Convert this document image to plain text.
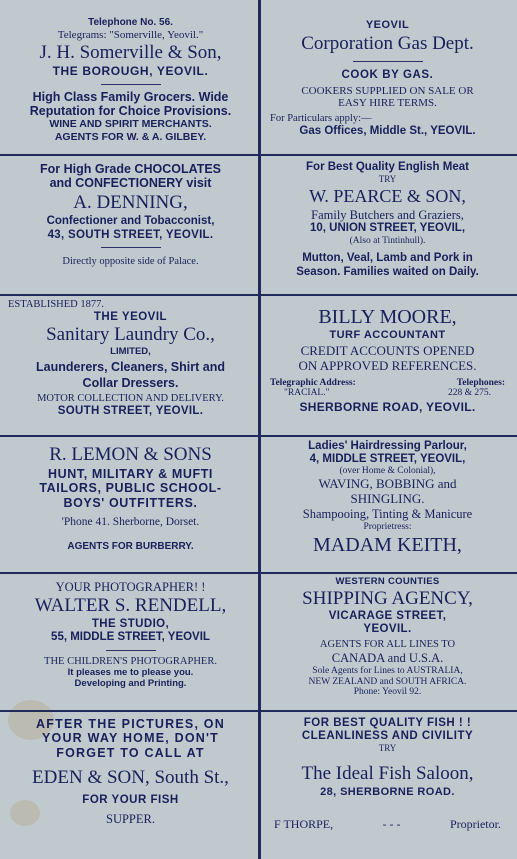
Telephone No. 56.
Telegrams: "Somerville, Yeovil."
J. H. Somerville & Son,
THE BOROUGH, YEOVIL.
High Class Family Grocers. Wide
Reputation for Choice Provisions.
WINE AND SPIRIT MERCHANTS.
AGENTS FOR W. & A. GILBEY.
YEOVIL
Corporation Gas Dept.
COOK BY GAS.
COOKERS SUPPLIED ON SALE OR
EASY HIRE TERMS.
For Particulars apply:—
Gas Offices, Middle St., YEOVIL.
For High Grade CHOCOLATES
and CONFECTIONERY visit
A. DENNING,
Confectioner and Tobacconist,
43, SOUTH STREET, YEOVIL.
Directly opposite side of Palace.
For Best Quality English Meat
TRY
W. PEARCE & SON,
Family Butchers and Graziers,
10, UNION STREET, YEOVIL,
(Also at Tintinhull).
Mutton, Veal, Lamb and Pork in
Season. Families waited on Daily.
ESTABLISHED 1877.
THE YEOVIL
Sanitary Laundry Co.,
LIMITED,
Launderers, Cleaners, Shirt and
Collar Dressers.
MOTOR COLLECTION AND DELIVERY.
SOUTH STREET, YEOVIL.
BILLY MOORE,
TURF ACCOUNTANT
CREDIT ACCOUNTS OPENED
ON APPROVED REFERENCES.
Telegraphic Address:	Telephones:
"RACIAL."	228 & 275.
SHERBORNE ROAD, YEOVIL.
R. LEMON & SONS
HUNT, MILITARY & MUFTI
TAILORS, PUBLIC SCHOOL-
BOYS' OUTFITTERS.
'Phone 41. Sherborne, Dorset.
AGENTS FOR BURBERRY.
Ladies' Hairdressing Parlour,
4, MIDDLE STREET, YEOVIL,
(over Home & Colonial),
WAVING, BOBBING and
SHINGLING.
Shampooing, Tinting & Manicure
Proprietress:
MADAM KEITH,
YOUR PHOTOGRAPHER! !
WALTER S. RENDELL,
THE STUDIO,
55, MIDDLE STREET, YEOVIL
THE CHILDREN'S PHOTOGRAPHER.
It pleases me to please you.
Developing and Printing.
WESTERN COUNTIES
SHIPPING AGENCY,
VICARAGE STREET,
YEOVIL.
AGENTS FOR ALL LINES TO
CANADA and U.S.A.
Sole Agents for Lines to AUSTRALIA,
NEW ZEALAND and SOUTH AFRICA.
Phone: Yeovil 92.
AFTER THE PICTURES, ON
YOUR WAY HOME, DON'T
FORGET TO CALL AT
EDEN & SON, South St.,
FOR YOUR FISH
SUPPER.
FOR BEST QUALITY FISH ! !
CLEANLINESS AND CIVILITY
TRY
The Ideal Fish Saloon,
28, SHERBORNE ROAD.
F THORPE,	- - -	Proprietor.
